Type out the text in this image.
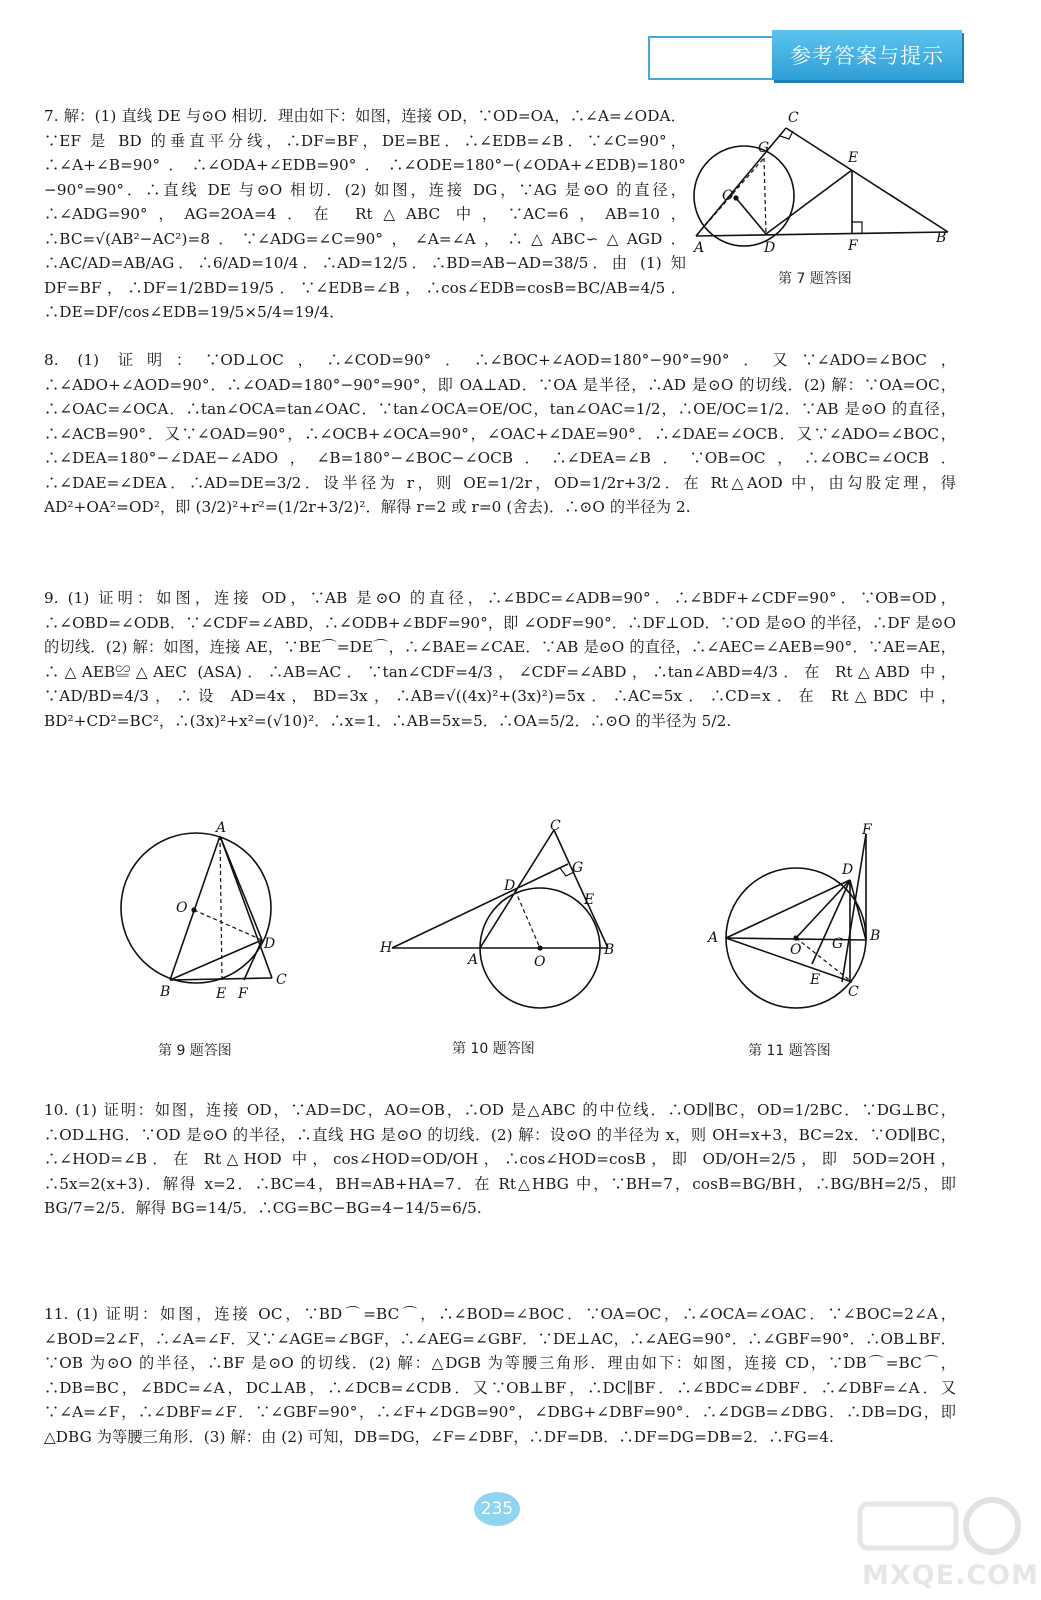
参考答案与提示

7. 解：(1) 直线 DE 与⊙O 相切．理由如下：如图，连接 OD，∵OD=OA，∴∠A=∠ODA．∵EF 是 BD 的垂直平分线，∴DF=BF，DE=BE．∴∠EDB=∠B．∵∠C=90°，∴∠A+∠B=90°．∴∠ODA+∠EDB=90°．∴∠ODE=180°−(∠ODA+∠EDB)=180°−90°=90°．∴直线 DE 与⊙O 相切．(2) 如图，连接 DG，∵AG 是⊙O 的直径，∴∠ADG=90°，AG=2OA=4．在 Rt△ABC 中，∵AC=6，AB=10，∴BC=√(AB²−AC²)=8．∵∠ADG=∠C=90°，∠A=∠A，∴△ABC∽△AGD．∴AC/AD=AB/AG．∴6/AD=10/4．∴AD=12/5．∴BD=AB−AD=38/5．由 (1) 知 DF=BF，∴DF=1/2BD=19/5．∵∠EDB=∠B，∴cos∠EDB=cosB=BC/AB=4/5．∴DE=DF/cos∠EDB=19/5×5/4=19/4．

C
G
E
O
A	D	F	B
第 7 题答图

8. (1) 证明：∵OD⊥OC，∴∠COD=90°．∴∠BOC+∠AOD=180°−90°=90°．又∵∠ADO=∠BOC，∴∠ADO+∠AOD=90°．∴∠OAD=180°−90°=90°，即 OA⊥AD．∵OA 是半径，∴AD 是⊙O 的切线．(2) 解：∵OA=OC，∴∠OAC=∠OCA．∴tan∠OCA=tan∠OAC．∵tan∠OCA=OE/OC，tan∠OAC=1/2，∴OE/OC=1/2．∵AB 是⊙O 的直径，∴∠ACB=90°．又∵∠OAD=90°，∴∠OCB+∠OCA=90°，∠OAC+∠DAE=90°．∴∠DAE=∠OCB．又∵∠ADO=∠BOC，∴∠DEA=180°−∠DAE−∠ADO，∠B=180°−∠BOC−∠OCB．∴∠DEA=∠B．∵OB=OC，∴∠OBC=∠OCB．∴∠DAE=∠DEA．∴AD=DE=3/2．设半径为 r，则 OE=1/2r，OD=1/2r+3/2．在 Rt△AOD 中，由勾股定理，得 AD²+OA²=OD²，即 (3/2)²+r²=(1/2r+3/2)²．解得 r=2 或 r=0 (舍去)．∴⊙O 的半径为 2.

9. (1) 证明：如图，连接 OD，∵AB 是⊙O 的直径，∴∠BDC=∠ADB=90°．∴∠BDF+∠CDF=90°．∵OB=OD，∴∠OBD=∠ODB．∵∠CDF=∠ABD，∴∠ODB+∠BDF=90°，即 ∠ODF=90°．∴DF⊥OD．∵OD 是⊙O 的半径，∴DF 是⊙O 的切线．(2) 解：如图，连接 AE，∵BE⌒=DE⌒，∴∠BAE=∠CAE．∵AB 是⊙O 的直径，∴∠AEC=∠AEB=90°．∵AE=AE，∴△AEB≌△AEC (ASA)．∴AB=AC．∵tan∠CDF=4/3，∠CDF=∠ABD，∴tan∠ABD=4/3．在 Rt△ABD 中，∵AD/BD=4/3，∴设 AD=4x，BD=3x，∴AB=√((4x)²+(3x)²)=5x．∴AC=5x．∴CD=x．在 Rt△BDC 中，BD²+CD²=BC²，∴(3x)²+x²=(√10)²．∴x=1．∴AB=5x=5．∴OA=5/2．∴⊙O 的半径为 5/2.

A
O
D
B	E F
C
第 9 题答图
C
G
D
E
H
A	O
B
第 10 题答图
F
D
A
O G B
E
C
第 11 题答图

10. (1) 证明：如图，连接 OD，∵AD=DC，AO=OB，∴OD 是△ABC 的中位线．∴OD∥BC，OD=1/2BC．∵DG⊥BC，∴OD⊥HG．∵OD 是⊙O 的半径，∴直线 HG 是⊙O 的切线．(2) 解：设⊙O 的半径为 x，则 OH=x+3，BC=2x．∵OD∥BC，∴∠HOD=∠B．在 Rt△HOD 中，cos∠HOD=OD/OH，∴cos∠HOD=cosB，即 OD/OH=2/5，即 5OD=2OH，∴5x=2(x+3)．解得 x=2．∴BC=4，BH=AB+HA=7．在 Rt△HBG 中，∵BH=7，cosB=BG/BH，∴BG/BH=2/5，即 BG/7=2/5．解得 BG=14/5．∴CG=BC−BG=4−14/5=6/5.

11. (1) 证明：如图，连接 OC，∵BD⌒=BC⌒，∴∠BOD=∠BOC．∵OA=OC，∴∠OCA=∠OAC．∵∠BOC=2∠A，∠BOD=2∠F，∴∠A=∠F．又∵∠AGE=∠BGF，∴∠AEG=∠GBF．∵DE⊥AC，∴∠AEG=90°．∴∠GBF=90°．∴OB⊥BF．∵OB 为⊙O 的半径，∴BF 是⊙O 的切线．(2) 解：△DGB 为等腰三角形．理由如下：如图，连接 CD，∵DB⌒=BC⌒，∴DB=BC，∠BDC=∠A，DC⊥AB，∴∠DCB=∠CDB．又∵OB⊥BF，∴DC∥BF．∴∠BDC=∠DBF．∴∠DBF=∠A．又∵∠A=∠F，∴∠DBF=∠F．∵∠GBF=90°，∴∠F+∠DGB=90°，∠DBG+∠DBF=90°．∴∠DGB=∠DBG．∴DB=DG，即△DBG 为等腰三角形．(3) 解：由 (2) 可知，DB=DG，∠F=∠DBF，∴DF=DB．∴DF=DG=DB=2．∴FG=4.

235
MXQE.COM
